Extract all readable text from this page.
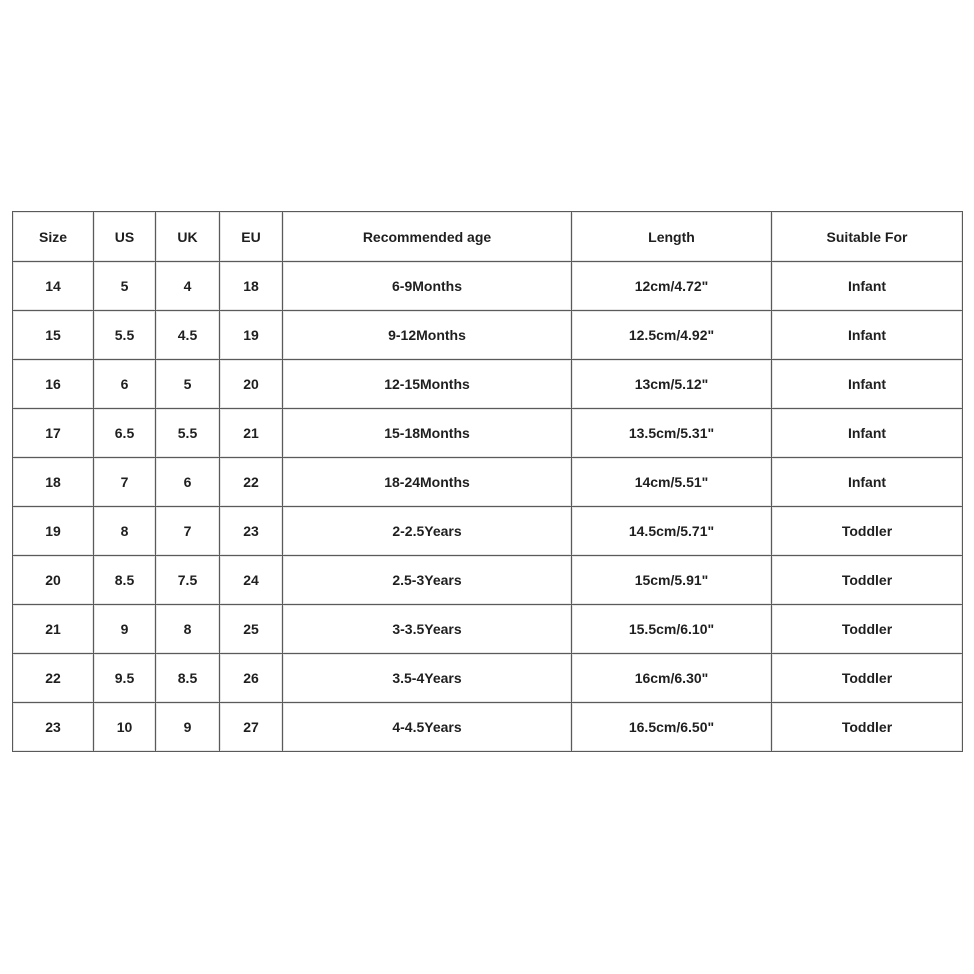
Size	US	UK	EU	Recommended age	Length	Suitable For
14	5	4	18	6-9Months	12cm/4.72"	Infant
15	5.5	4.5	19	9-12Months	12.5cm/4.92"	Infant
16	6	5	20	12-15Months	13cm/5.12"	Infant
17	6.5	5.5	21	15-18Months	13.5cm/5.31"	Infant
18	7	6	22	18-24Months	14cm/5.51"	Infant
19	8	7	23	2-2.5Years	14.5cm/5.71"	Toddler
20	8.5	7.5	24	2.5-3Years	15cm/5.91"	Toddler
21	9	8	25	3-3.5Years	15.5cm/6.10"	Toddler
22	9.5	8.5	26	3.5-4Years	16cm/6.30"	Toddler
23	10	9	27	4-4.5Years	16.5cm/6.50"	Toddler
